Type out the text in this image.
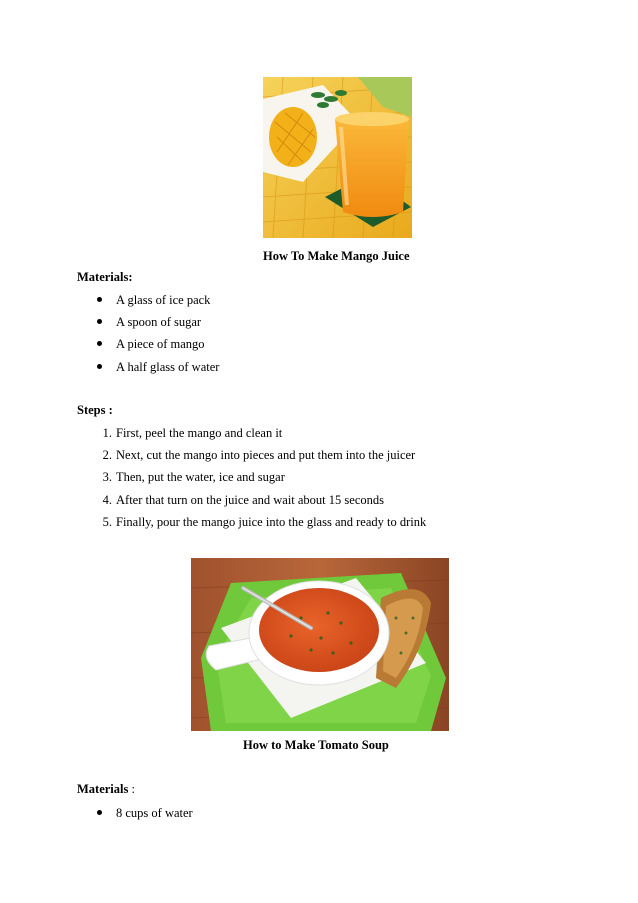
How To Make Mango Juice
Materials:
A glass of ice pack
A spoon of sugar
A piece of mango
A half glass of water
Steps :
1. First, peel the mango and clean it
2. Next, cut the mango into pieces and put them into the juicer
3. Then, put the water, ice and sugar
4. After that turn on the juice and wait about 15 seconds
5. Finally, pour the mango juice into the glass and ready to drink
How to Make Tomato Soup
Materials :
8 cups of water
